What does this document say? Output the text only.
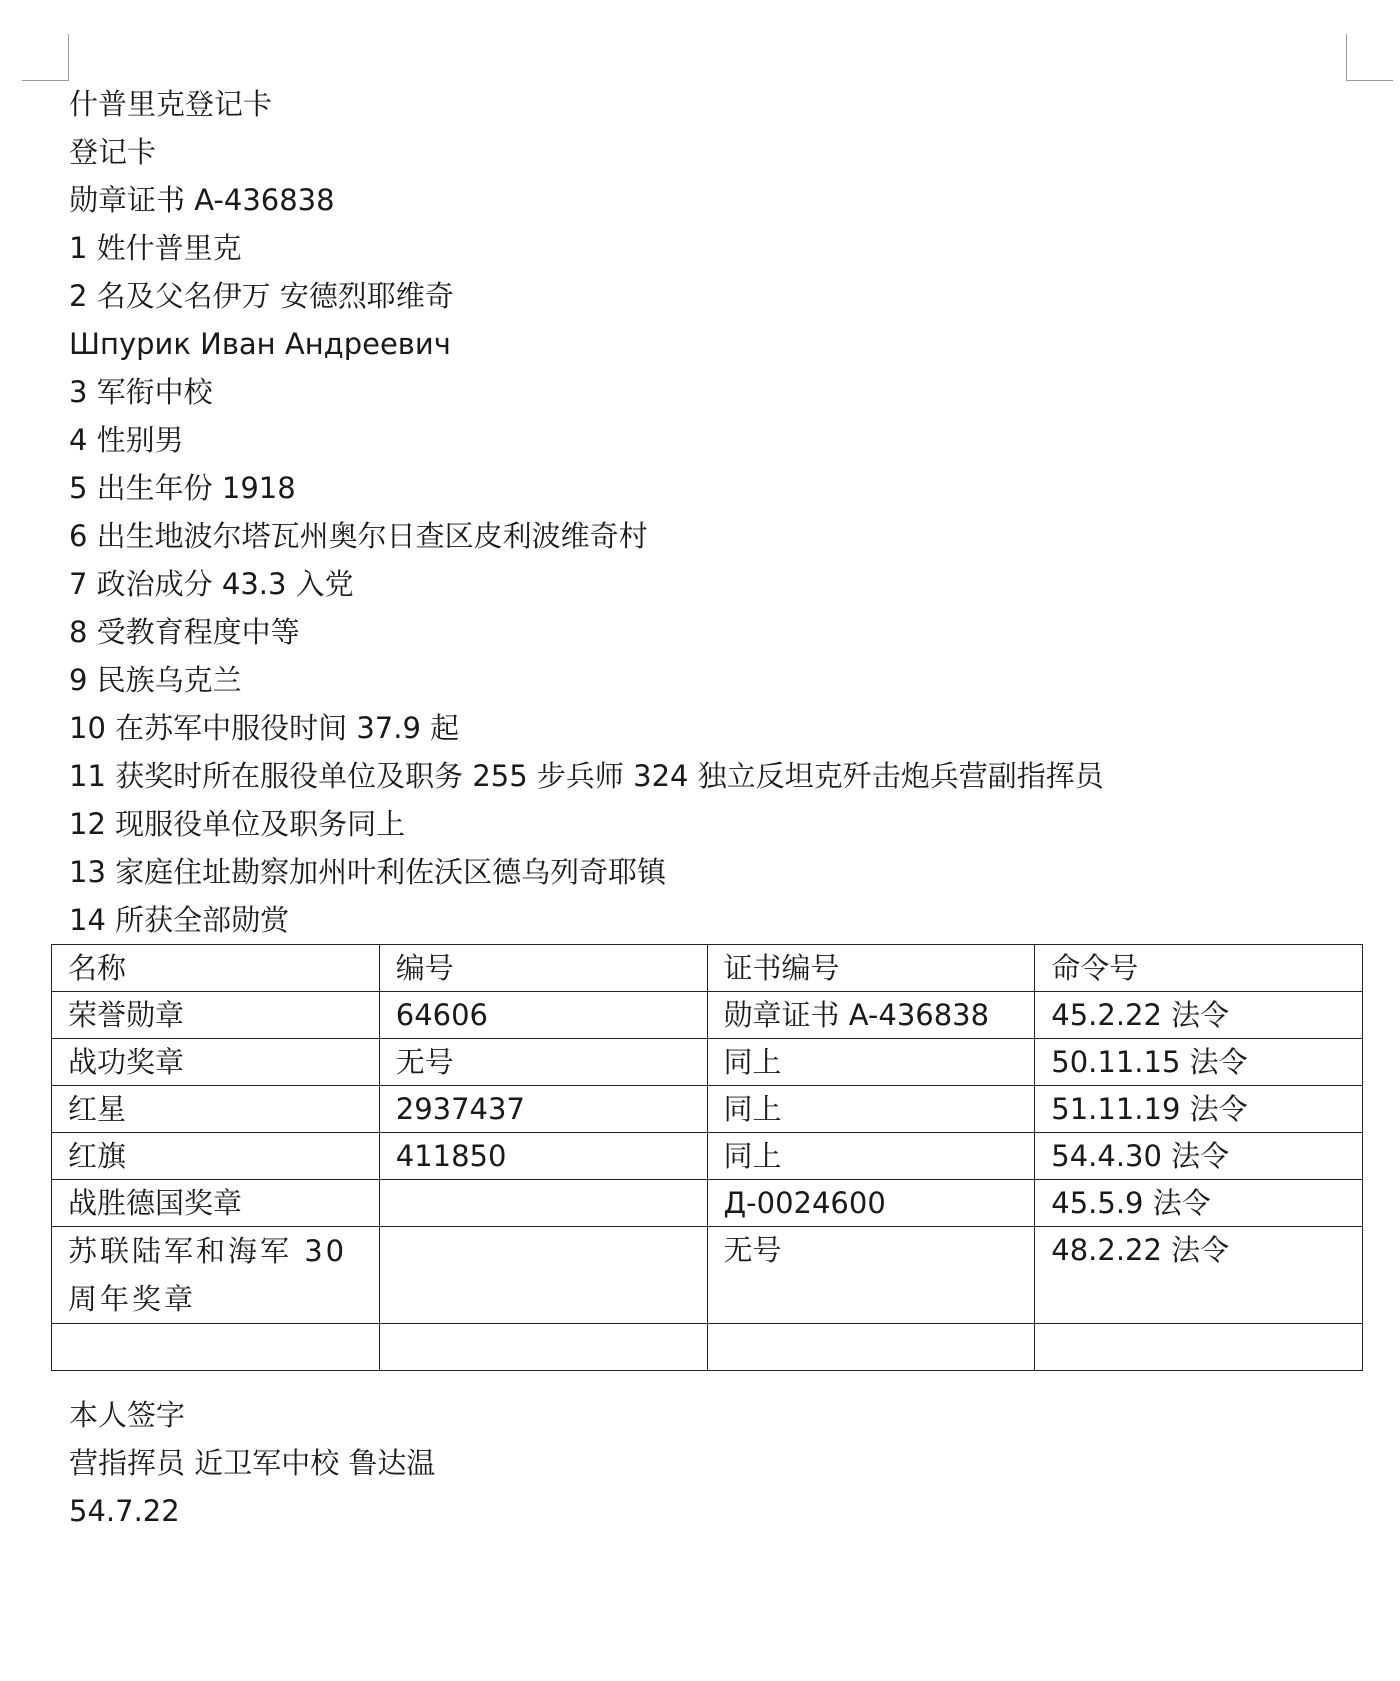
什普里克登记卡
登记卡
勋章证书 A-436838
1 姓什普里克
2 名及父名伊万 安德烈耶维奇
Шпурик Иван Андреевич
3 军衔中校
4 性别男
5 出生年份 1918
6 出生地波尔塔瓦州奥尔日查区皮利波维奇村
7 政治成分 43.3 入党
8 受教育程度中等
9 民族乌克兰
10 在苏军中服役时间 37.9 起
11 获奖时所在服役单位及职务 255 步兵师 324 独立反坦克歼击炮兵营副指挥员
12 现服役单位及职务同上
13 家庭住址勘察加州叶利佐沃区德乌列奇耶镇
14 所获全部勋赏
名称	编号	证书编号	命令号
荣誉勋章	64606	勋章证书 A-436838	45.2.22 法令
战功奖章	无号	同上	50.11.15 法令
红星	2937437	同上	51.11.19 法令
红旗	411850	同上	54.4.30 法令
战胜德国奖章		Д-0024600	45.5.9 法令
苏联陆军和海军 30 周年奖章		无号	48.2.22 法令

本人签字
营指挥员 近卫军中校 鲁达温
54.7.22
